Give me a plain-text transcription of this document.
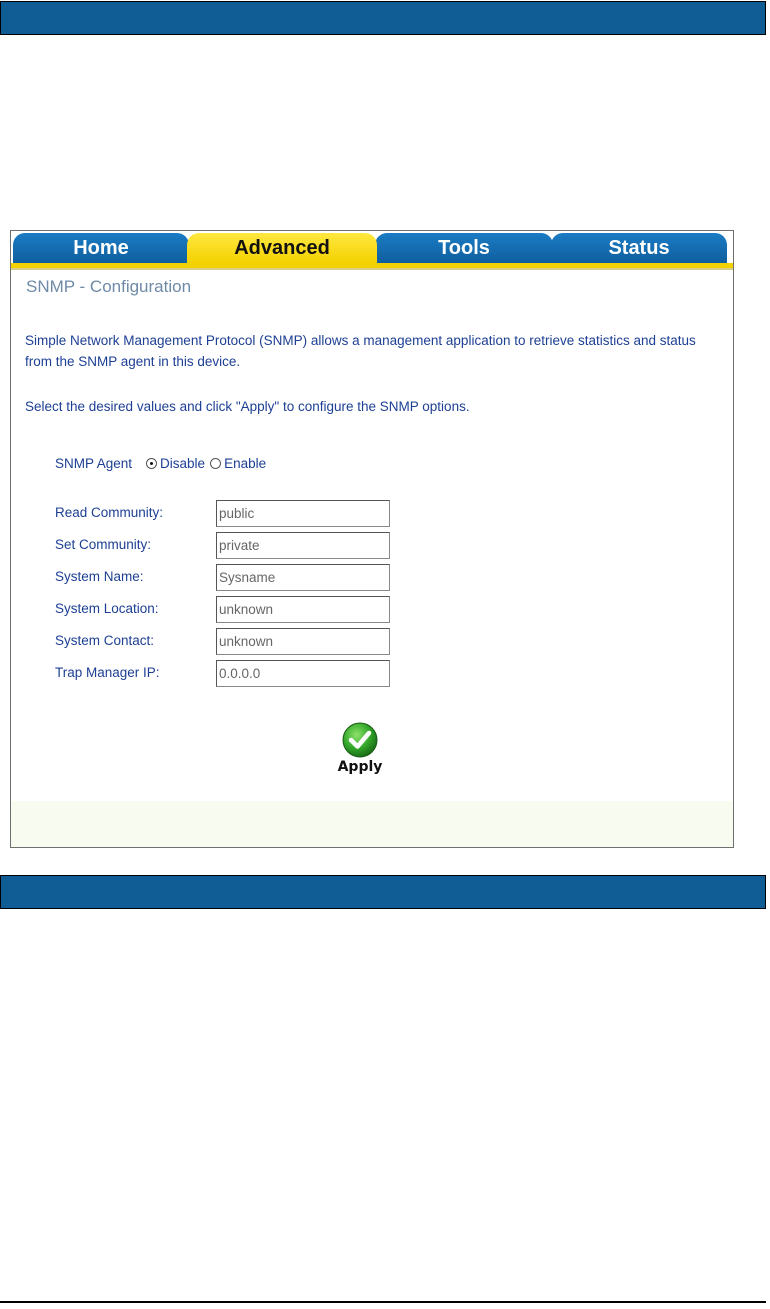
Home	Status
Tools
Advanced
SNMP - Configuration
Simple Network Management Protocol (SNMP) allows a management application to retrieve statistics and status from the SNMP agent in this device.
Select the desired values and click "Apply" to configure the SNMP options.
SNMP Agent Disable Enable
Read Community:
public
Set Community:
private
System Name:
Sysname
System Location:
unknown
System Contact:
unknown
Trap Manager IP:
0.0.0.0
Apply
